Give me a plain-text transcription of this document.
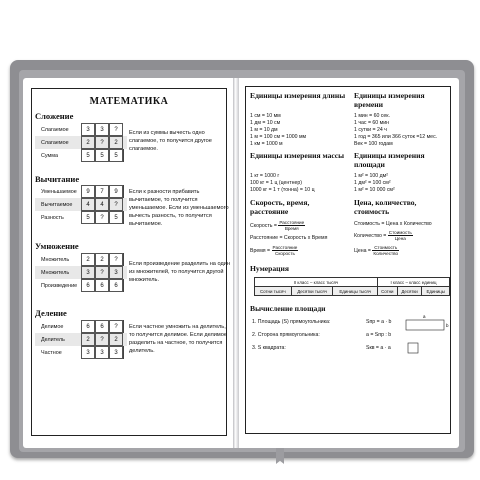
МАТЕМАТИКА
Сложение
Слагаемое	3	3	?
Слагаемое	2	?	2
Сумма	5	5	5
Если из суммы вычесть одно слагаемое, то получится другое слагаемое.
Вычитание
Уменьшаемое	9	7	9
Вычитаемое	4	4	?
Разность	5	?	5
Если к разности прибавить вычитаемое, то получится уменьшаемое. Если из уменьшаемого вычесть разность, то получится вычитаемое.
Умножение
Множитель	2	2	?
Множитель	3	?	3
Произведение	6	6	6
Если произведение разделить на один из множителей, то получится другой множитель.
Деление
Делимое	6	6	?
Делитель	2	?	2
Частное	3	3	3
Если частное умножить на делитель, то получится делимое. Если делимое разделить на частное, то получится делитель.
Единицы измерения длины
1 см = 10 мм
1 дм = 10 см
1 м = 10 дм
1 м = 100 см = 1000 мм
1 км = 1000 м
Единицы измерения времени
1 мин = 60 сек.
1 час = 60 мин
1 сутки = 24 ч
1 год = 365 или 366 суток =12 мес.
Век = 100 годам
Единицы измерения массы
1 кг = 1000 г
100 кг = 1 ц (центнер)
1000 кг = 1 т (тонна) = 10 ц
Единицы измерения площади
1 м² = 100 дм²
1 дм² = 100 см²
1 м² = 10 000 см²
Скорость, время, расстояние
Скорость = $\frac{\text{Расстояние}}{\text{Время}}$
Расстояние = Скорость x Время
Время = $\frac{\text{Расстояние}}{\text{Скорость}}$
Цена, количество, стоимость
Стоимость = Цена x Количество
Количество = $\frac{\text{Стоимость}}{\text{Цена}}$
Цена = $\frac{\text{Стоимость}}{\text{Количество}}$
Нумерация
II класс – класс тысяч			I класс – класс единиц		
Сотни тысяч	Десятки тысяч	Единицы тысяч	Сотни	Десятки	Единицы
Вычисление площади
1. Площадь (S) прямоугольника:	Sпр = a · b
2. Сторона прямоугольника:	a = Sпр : b
3. S квадрата:	Sкв = a · a
a
b
